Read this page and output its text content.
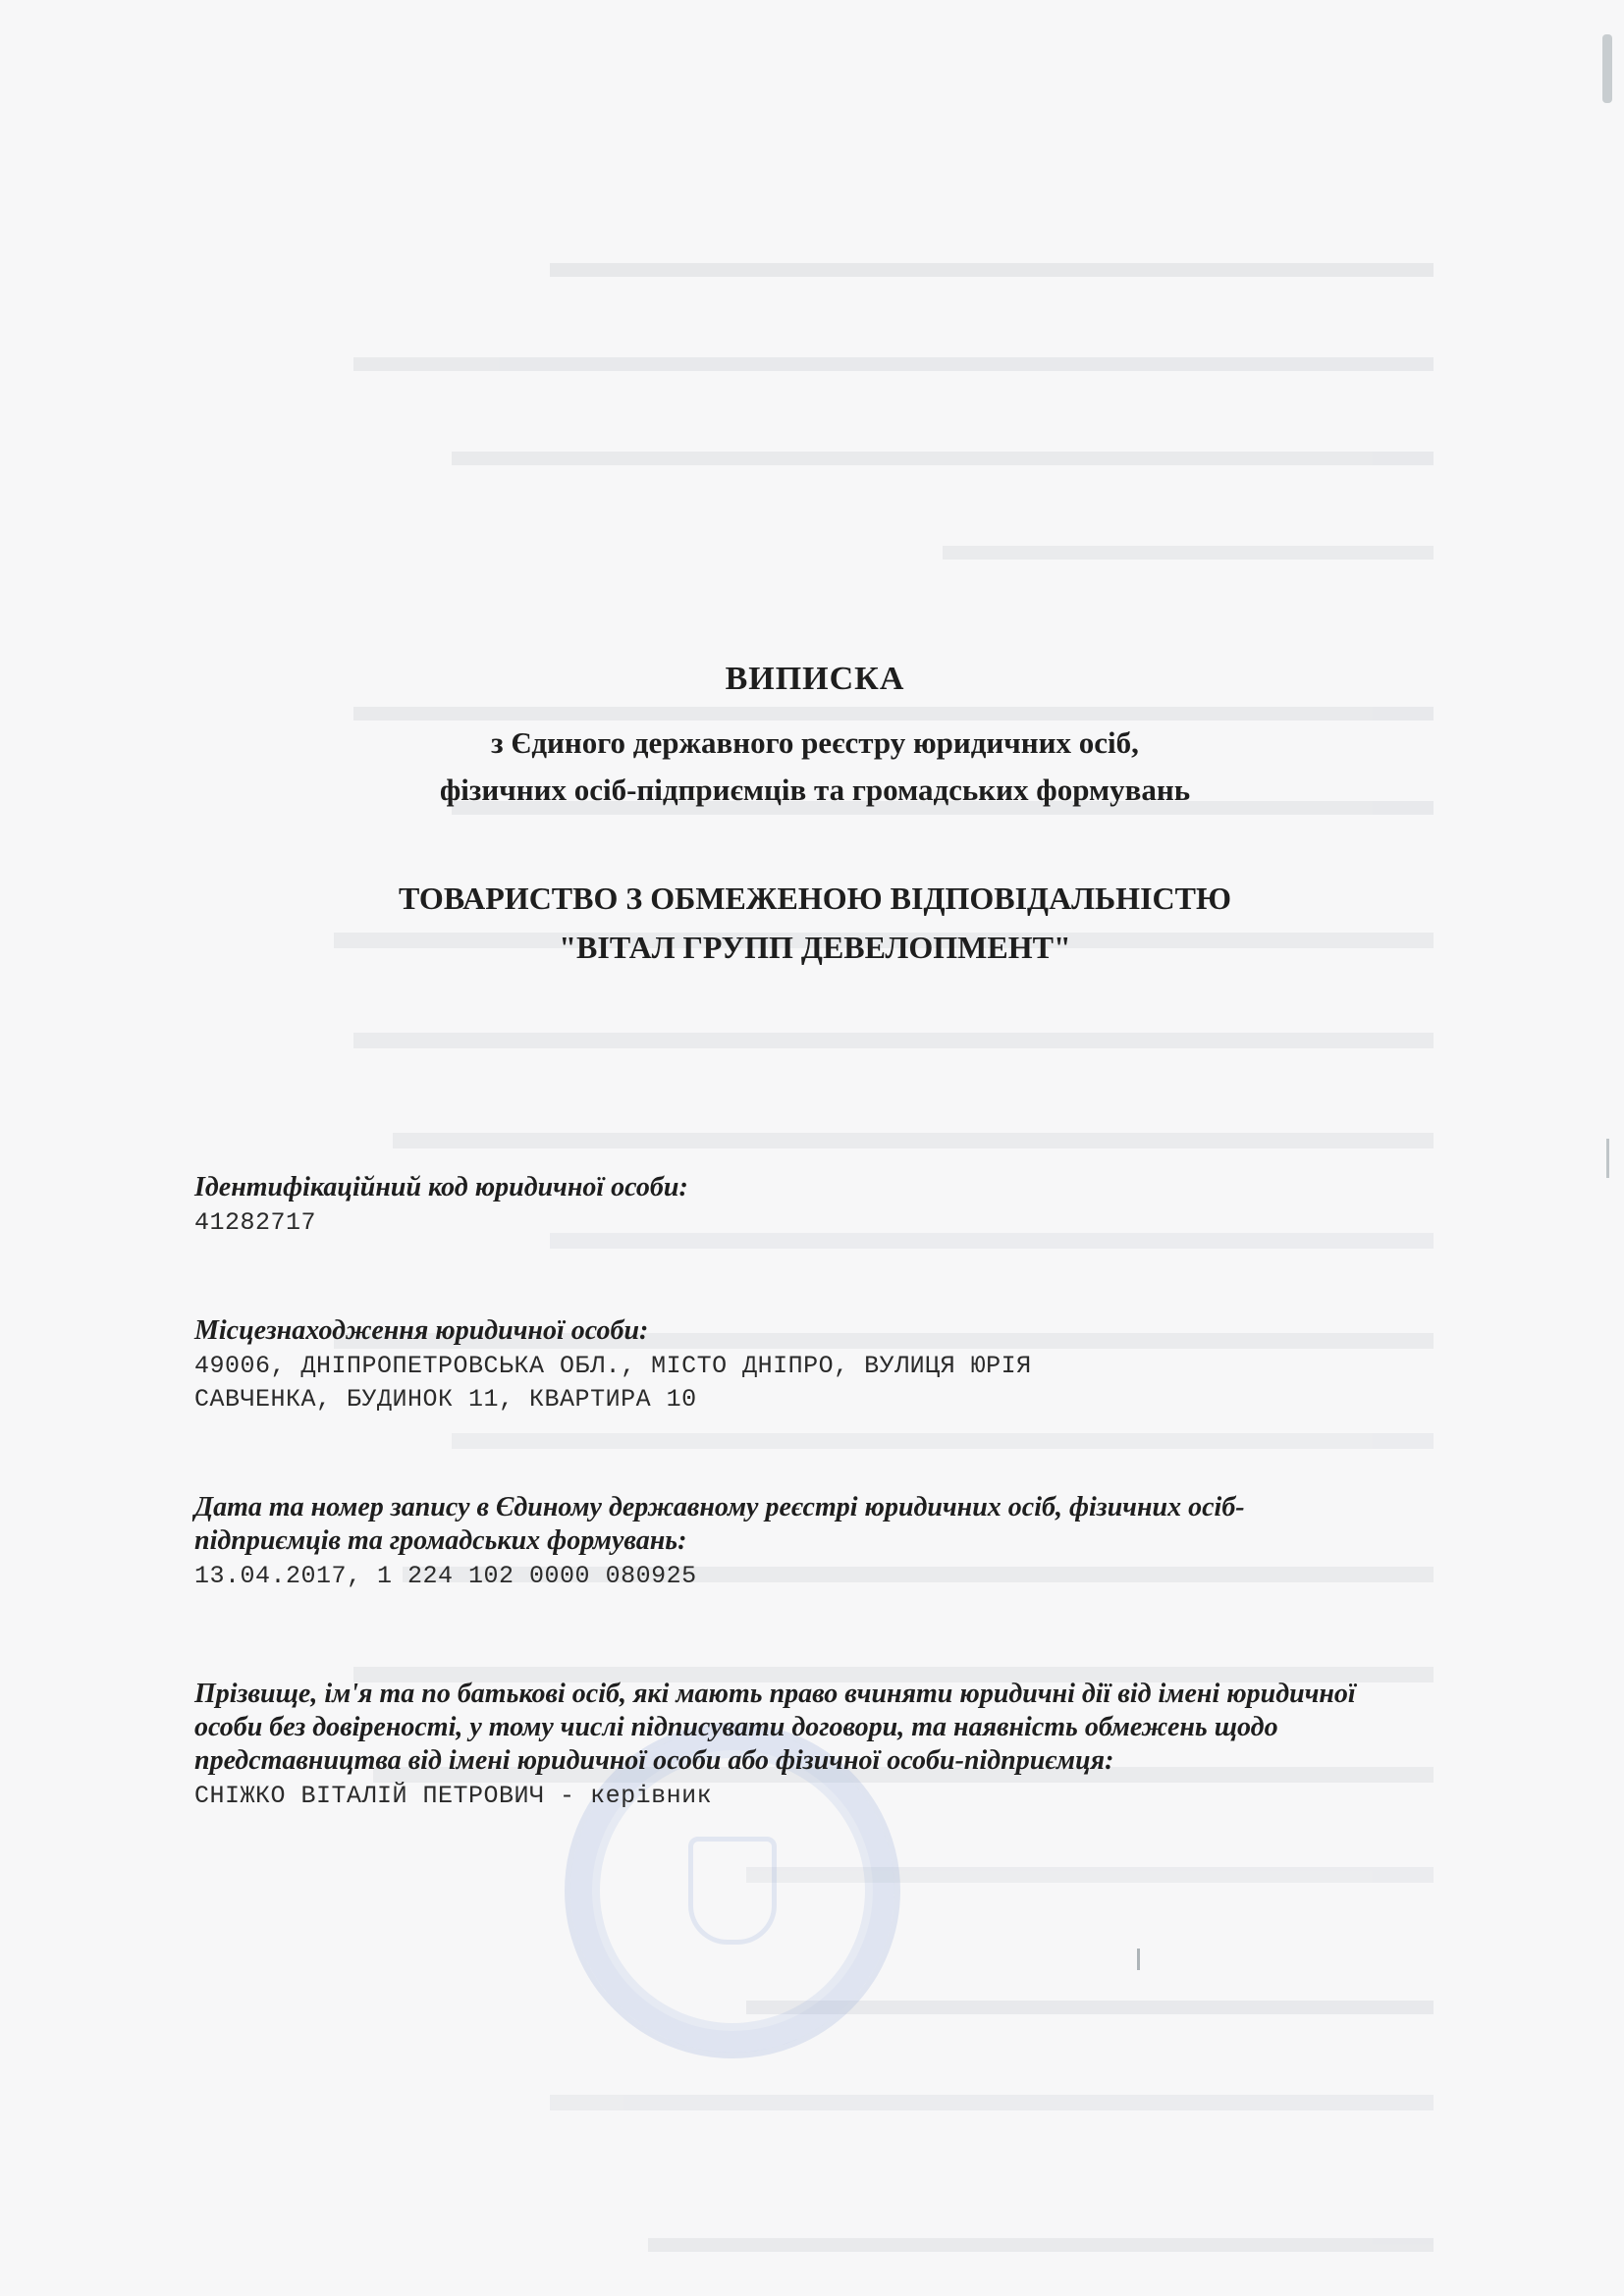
ВИПИСКА
з Єдиного державного реєстру юридичних осіб,
фізичних осіб-підприємців та громадських формувань
ТОВАРИСТВО З ОБМЕЖЕНОЮ ВІДПОВІДАЛЬНІСТЮ
"ВІТАЛ ГРУПП ДЕВЕЛОПМЕНТ"

Ідентифікаційний код юридичної особи:

41282717

Місцезнаходження юридичної особи:

49006, ДНІПРОПЕТРОВСЬКА ОБЛ., МІСТО ДНІПРО, ВУЛИЦЯ ЮРІЯ
САВЧЕНКА, БУДИНОК 11, КВАРТИРА 10

Дата та номер запису в Єдиному державному реєстрі юридичних осіб, фізичних осіб-підприємців та громадських формувань:

13.04.2017, 1 224 102 0000 080925

Прізвище, ім'я та по батькові осіб, які мають право вчиняти юридичні дії від імені юридичної особи без довіреності, у тому числі підписувати договори, та наявність обмежень щодо представництва від імені юридичної особи або фізичної особи-підприємця:

СНІЖКО ВІТАЛІЙ ПЕТРОВИЧ - керівник
